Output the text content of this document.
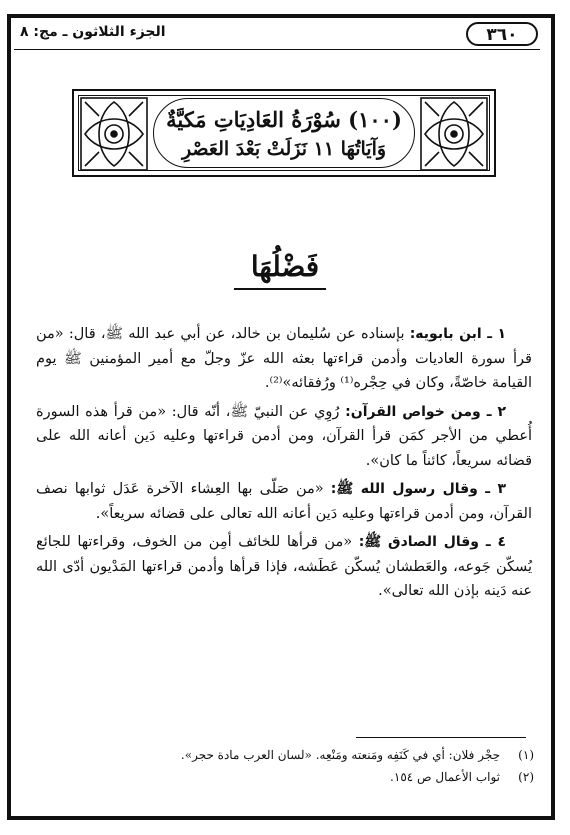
٣٦٠
الجزء الثلاثون ـ مج: ٨
(١٠٠) سُوْرَةُ العَادِيَاتِ مَكيَّةٌ
وَآيَاتُهَا ١١ نَزَلَتْ بَعْدَ العَصْرِ
فَضْلُهَا

١ ـ ابن بابويه: بإسناده عن سُليمان بن خالد، عن أبي عبد الله ﷺ، قال: «من قرأ سورة العاديات وأدمن قراءتها بعثه الله عزّ وجلّ مع أمير المؤمنين ﷺ يوم القيامة خاصّةً، وكان في حِجْره⁽¹⁾ ورُفقائه»⁽²⁾.

٢ ـ ومن خواص القرآن: رُوِي عن النبيّ ﷺ، أنّه قال: «من قرأ هذه السورة أُعطي من الأجر كمَن قرأ القرآن، ومن أدمن قراءتها وعليه دَين أعانه الله على قضائه سريعاً، كائناً ما كان».

٣ ـ وقال رسول الله ﷺ: «من صَلّى بها العِشاء الآخرة عَدَل ثوابها نصف القرآن، ومن أدمن قراءتها وعليه دَين أعانه الله تعالى على قضائه سريعاً».

٤ ـ وقال الصادق ﷺ: «من قرأها للخائف أمِن من الخوف، وقراءتها للجائع يُسكّن جَوعه، والعَطشان يُسكّن عَطَشه، فإذا قرأها وأدمن قراءتها المَدْيون أدّى الله عنه دَينه بإذن الله تعالى».

(١)حِجْر فلان: أي في كَنَفِه ومَنعته ومَنْعِه. «لسان العرب مادة حجر».
(٢)ثواب الأعمال ص ١٥٤.
